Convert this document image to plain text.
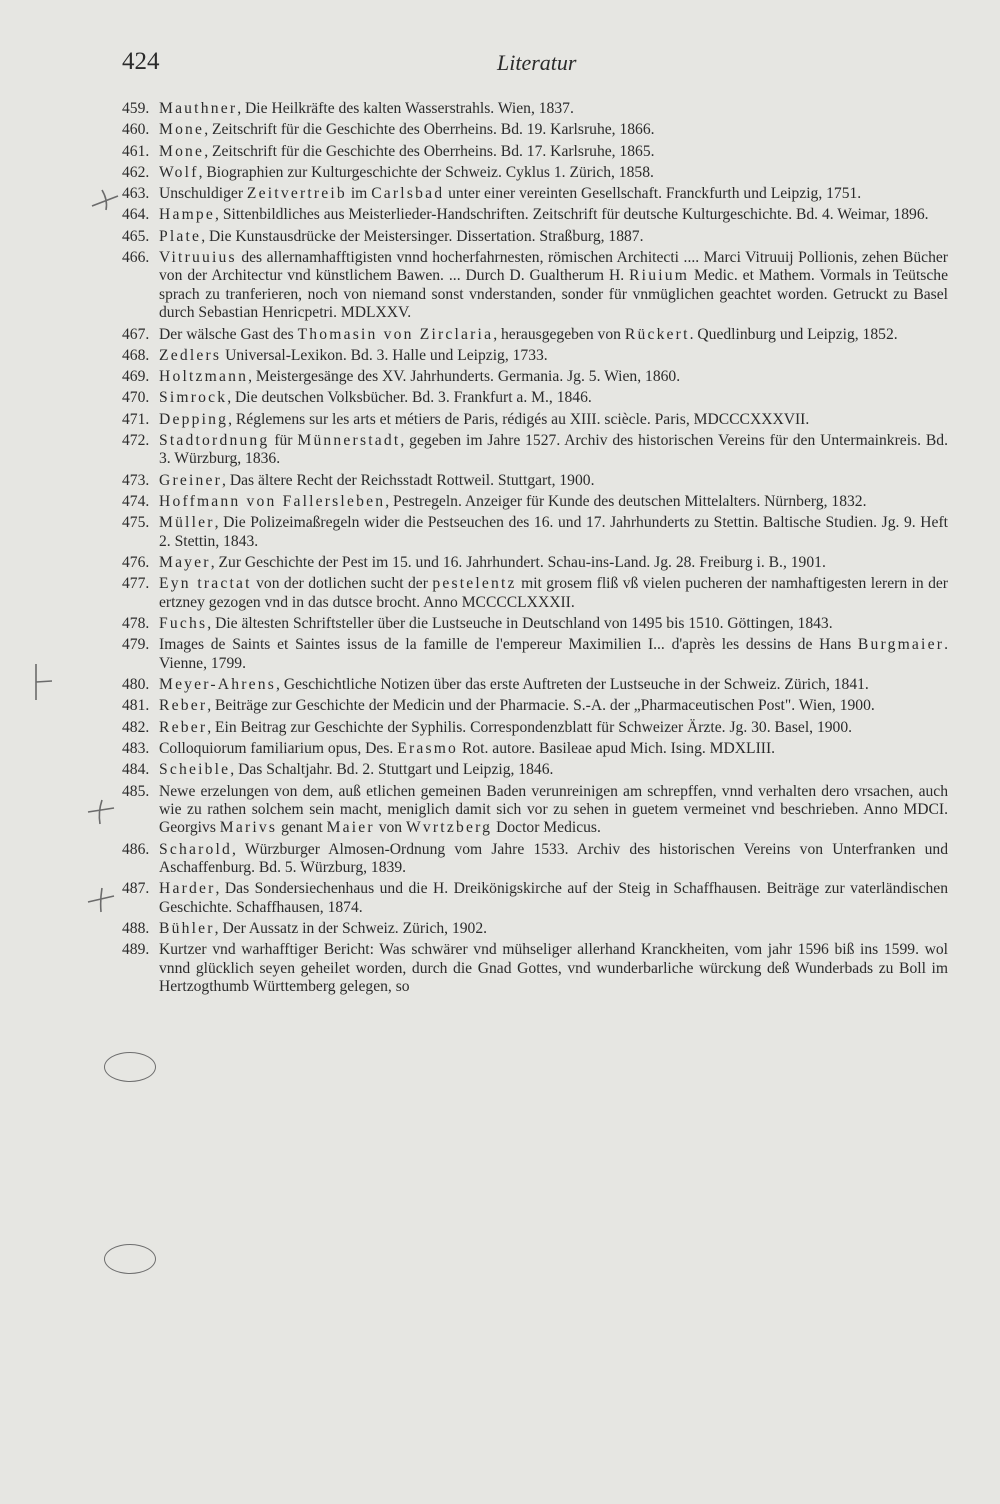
424	Literatur
459. Mauthner, Die Heilkräfte des kalten Wasserstrahls. Wien, 1837.
460. Mone, Zeitschrift für die Geschichte des Oberrheins. Bd. 19. Karlsruhe, 1866.
461. Mone, Zeitschrift für die Geschichte des Oberrheins. Bd. 17. Karlsruhe, 1865.
462. Wolf, Biographien zur Kulturgeschichte der Schweiz. Cyklus 1. Zürich, 1858.
463. Unschuldiger Zeitvertreib im Carlsbad unter einer vereinten Gesellschaft. Franckfurth und Leipzig, 1751.
464. Hampe, Sittenbildliches aus Meisterlieder-Handschriften. Zeitschrift für deutsche Kulturgeschichte. Bd. 4. Weimar, 1896.
465. Plate, Die Kunstausdrücke der Meistersinger. Dissertation. Straßburg, 1887.
466. Vitruuius des allernamhafftigisten vnnd hocherfahrnesten, römischen Architecti .... Marci Vitruuij Pollionis, zehen Bücher von der Architectur vnd künstlichem Bawen. ... Durch D. Gualtherum H. Riuium Medic. et Mathem. Vormals in Teütsche sprach zu tranferieren, noch von niemand sonst vnderstanden, sonder für vnmüglichen geachtet worden. Getruckt zu Basel durch Sebastian Henricpetri. MDLXXV.
467. Der wälsche Gast des Thomasin von Zirclaria, herausgegeben von Rückert. Quedlinburg und Leipzig, 1852.
468. Zedlers Universal-Lexikon. Bd. 3. Halle und Leipzig, 1733.
469. Holtzmann, Meistergesänge des XV. Jahrhunderts. Germania. Jg. 5. Wien, 1860.
470. Simrock, Die deutschen Volksbücher. Bd. 3. Frankfurt a. M., 1846.
471. Depping, Réglemens sur les arts et métiers de Paris, rédigés au XIII. sciècle. Paris, MDCCCXXXVII.
472. Stadtordnung für Münnerstadt, gegeben im Jahre 1527. Archiv des historischen Vereins für den Untermainkreis. Bd. 3. Würzburg, 1836.
473. Greiner, Das ältere Recht der Reichsstadt Rottweil. Stuttgart, 1900.
474. Hoffmann von Fallersleben, Pestregeln. Anzeiger für Kunde des deutschen Mittelalters. Nürnberg, 1832.
475. Müller, Die Polizeimaßregeln wider die Pestseuchen des 16. und 17. Jahrhunderts zu Stettin. Baltische Studien. Jg. 9. Heft 2. Stettin, 1843.
476. Mayer, Zur Geschichte der Pest im 15. und 16. Jahrhundert. Schau-ins-Land. Jg. 28. Freiburg i. B., 1901.
477. Eyn tractat von der dotlichen sucht der pestelentz mit grosem fliß vß vielen pucheren der namhaftigesten lerern in der ertzney gezogen vnd in das dutsce brocht. Anno MCCCCLXXXII.
478. Fuchs, Die ältesten Schriftsteller über die Lustseuche in Deutschland von 1495 bis 1510. Göttingen, 1843.
479. Images de Saints et Saintes issus de la famille de l'empereur Maximilien I... d'après les dessins de Hans Burgmaier. Vienne, 1799.
480. Meyer-Ahrens, Geschichtliche Notizen über das erste Auftreten der Lustseuche in der Schweiz. Zürich, 1841.
481. Reber, Beiträge zur Geschichte der Medicin und der Pharmacie. S.-A. der „Pharmaceutischen Post". Wien, 1900.
482. Reber, Ein Beitrag zur Geschichte der Syphilis. Correspondenzblatt für Schweizer Ärzte. Jg. 30. Basel, 1900.
483. Colloquiorum familiarium opus, Des. Erasmo Rot. autore. Basileae apud Mich. Ising. MDXLIII.
484. Scheible, Das Schaltjahr. Bd. 2. Stuttgart und Leipzig, 1846.
485. Newe erzelungen von dem, auß etlichen gemeinen Baden verunreinigen am schrepffen, vnnd verhalten dero vrsachen, auch wie zu rathen solchem sein macht, meniglich damit sich vor zu sehen in guetem vermeinet vnd beschrieben. Anno MDCI. Georgivs Marivs genant Maier von Wvrtzberg Doctor Medicus.
486. Scharold, Würzburger Almosen-Ordnung vom Jahre 1533. Archiv des historischen Vereins von Unterfranken und Aschaffenburg. Bd. 5. Würzburg, 1839.
487. Harder, Das Sondersiechenhaus und die H. Dreikönigskirche auf der Steig in Schaffhausen. Beiträge zur vaterländischen Geschichte. Schaffhausen, 1874.
488. Bühler, Der Aussatz in der Schweiz. Zürich, 1902.
489. Kurtzer vnd warhafftiger Bericht: Was schwärer vnd mühseliger allerhand Kranckheiten, vom jahr 1596 biß ins 1599. wol vnnd glücklich seyen geheilet worden, durch die Gnad Gottes, vnd wunderbarliche würckung deß Wunderbads zu Boll im Hertzogthumb Württemberg gelegen, so
